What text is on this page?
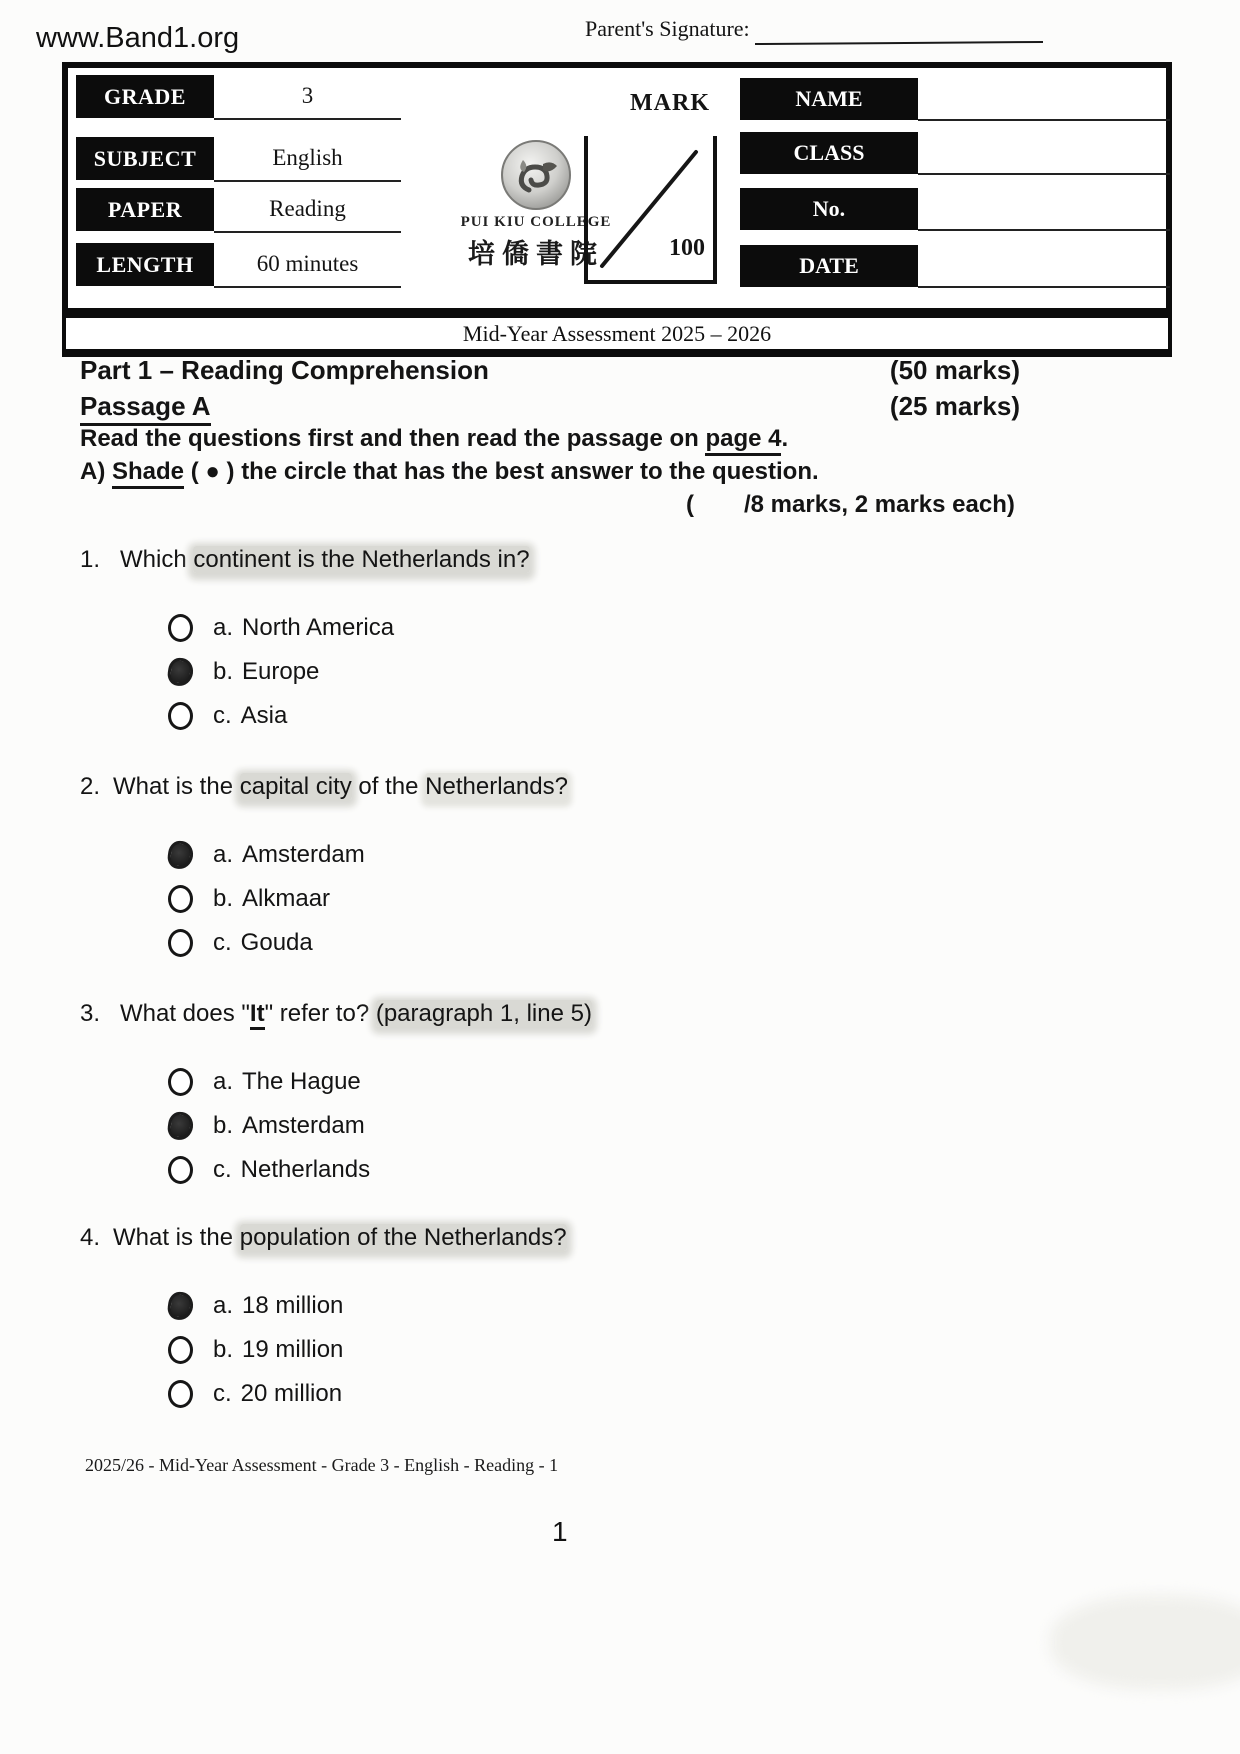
www.Band1.org	Parent's Signature:
GRADE	3
SUBJECT	English
PAPER	Reading
LENGTH	60 minutes
PUI KIU COLLEGE
培僑書院
MARK
100
NAME
CLASS
No.
DATE
Mid-Year Assessment 2025 – 2026
Part 1 – Reading Comprehension	(50 marks)
Passage A	(25 marks)
Read the questions first and then read the passage on page 4.
A) Shade ( ● ) the circle that has the best answer to the question.
( /8 marks, 2 marks each)
1. Which continent is the Netherlands in?
a. North America
b. Europe
c. Asia
2. What is the capital city of the Netherlands?
a. Amsterdam
b. Alkmaar
c. Gouda
3. What does "It" refer to? (paragraph 1, line 5)
a. The Hague
b. Amsterdam
c. Netherlands
4. What is the population of the Netherlands?
a. 18 million
b. 19 million
c. 20 million
2025/26 - Mid-Year Assessment - Grade 3 - English - Reading - 1
1
